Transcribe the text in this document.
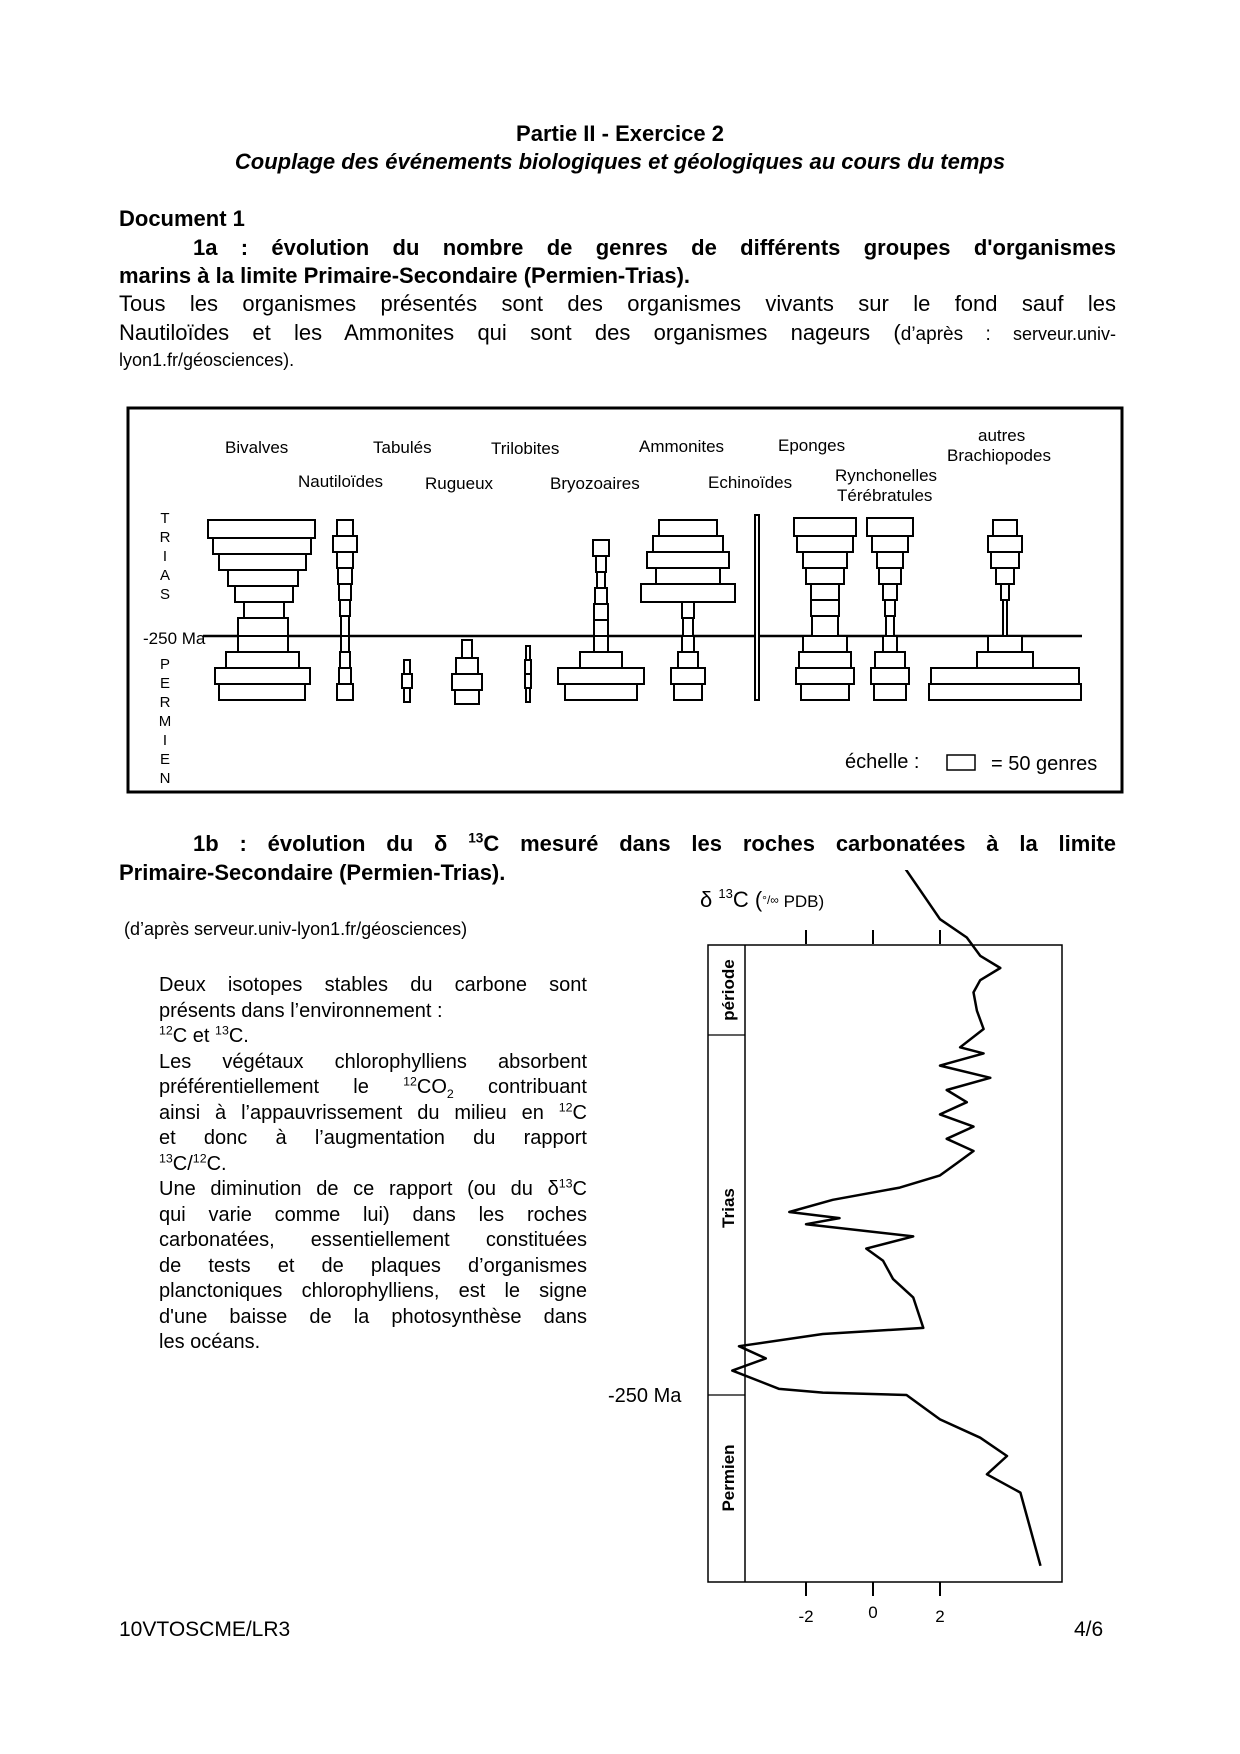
Partie II - Exercice 2
Couplage des événements biologiques et géologiques au cours du temps
Document 1
1a : évolution du nombre de genres de différents groupes d'organismes
marins à la limite Primaire-Secondaire (Permien-Trias).
Tous les organismes présentés sont des organismes vivants sur le fond sauf les
Nautiloïdes et les Ammonites qui sont des organismes nageurs (d’après : serveur.univ-
lyon1.fr/géosciences).
Bivalves
Nautiloïdes
Tabulés
Rugueux
Trilobites
Bryozoaires
Ammonites
Echinoïdes
Eponges
Rynchonelles
Térébratules
autres
Brachiopodes
T
R
I
A
S
-250 Ma
P
E
R
M
I
E
N
échelle :	= 50 genres
1b : évolution du δ $^{13}$C mesuré dans les roches carbonatées à la limite
Primaire-Secondaire (Permien-Trias).
(d’après serveur.univ-lyon1.fr/géosciences)
Deux isotopes stables du carbone sont
présents dans l’environnement :
$^{12}$C et $^{13}$C.
Les végétaux chlorophylliens absorbent
préférentiellement le $^{12}CO_2$ contribuant
ainsi à l’appauvrissement du milieu en $^{12}$C
et donc à l’augmentation du rapport
$^{13}$C/$^{12}$C.
Une diminution de ce rapport (ou du $\delta^{13}C$
qui varie comme lui) dans les roches
carbonatées, essentiellement constituées
de tests et de plaques d’organismes
planctoniques chlorophylliens, est le signe
d'une baisse de la photosynthèse dans
les océans.
δ $^{13}$C (°/∞ PDB)
période
Trias
Permien
-250 Ma
-2	0	2
10VTOSCME/LR3	4/6
